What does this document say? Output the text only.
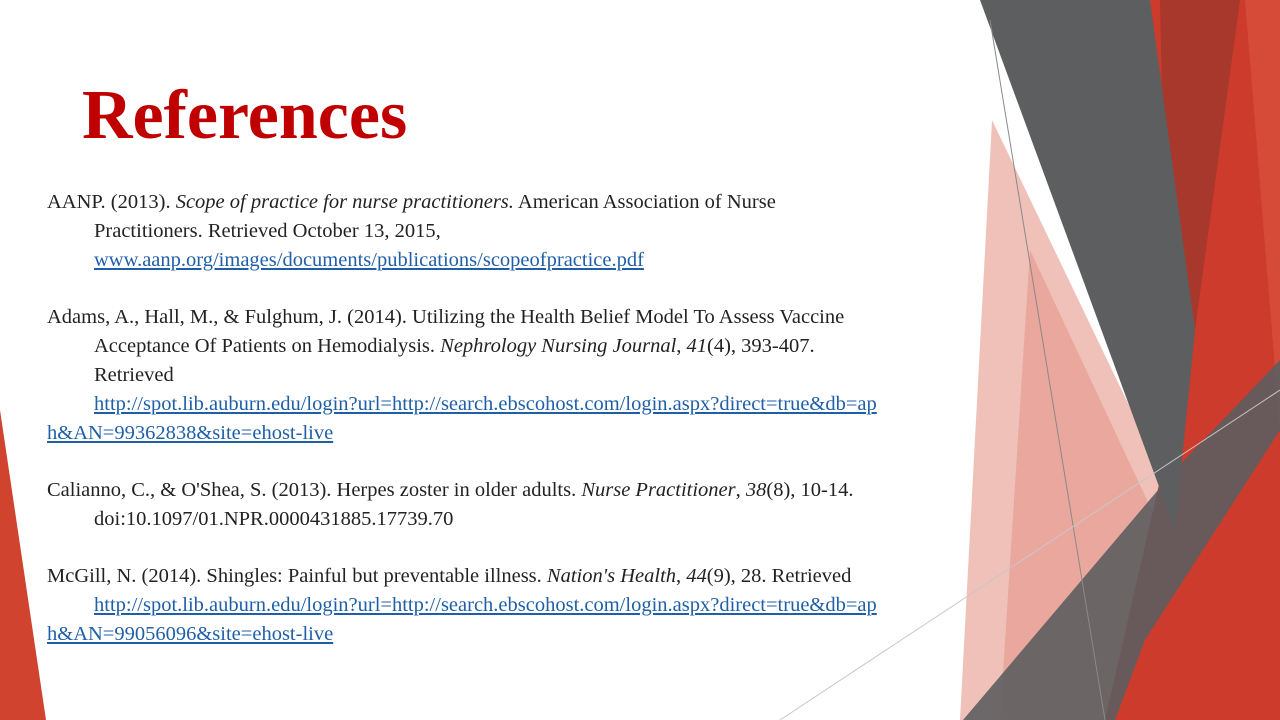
References
AANP. (2013). Scope of practice for nurse practitioners. American Association of Nurse
Practitioners. Retrieved October 13, 2015,
www.aanp.org/images/documents/publications/scopeofpractice.pdf
Adams, A., Hall, M., & Fulghum, J. (2014). Utilizing the Health Belief Model To Assess Vaccine
Acceptance Of Patients on Hemodialysis. Nephrology Nursing Journal, 41(4), 393-407.
Retrieved
http://spot.lib.auburn.edu/login?url=http://search.ebscohost.com/login.aspx?direct=true&db=ap
h&AN=99362838&site=ehost-live
Calianno, C., & O'Shea, S. (2013). Herpes zoster in older adults. Nurse Practitioner, 38(8), 10-14.
doi:10.1097/01.NPR.0000431885.17739.70
McGill, N. (2014). Shingles: Painful but preventable illness. Nation's Health, 44(9), 28. Retrieved
http://spot.lib.auburn.edu/login?url=http://search.ebscohost.com/login.aspx?direct=true&db=ap
h&AN=99056096&site=ehost-live
